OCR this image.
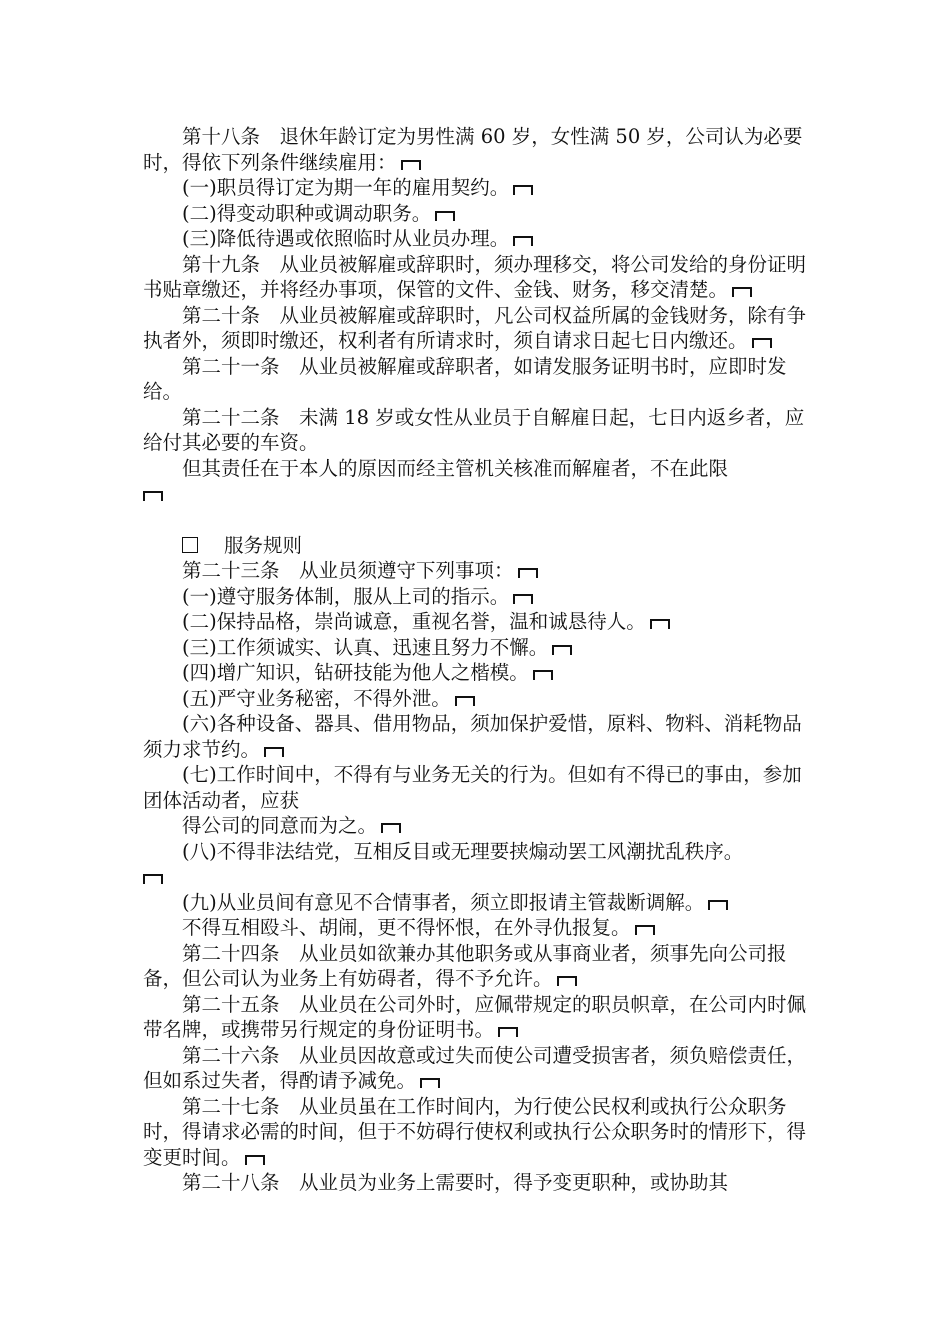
第十八条　退休年龄订定为男性满 60 岁，女性满 50 岁，公司认为必要时，得依下列条件继续雇用：

(一)职员得订定为期一年的雇用契约。

(二)得变动职种或调动职务。

(三)降低待遇或依照临时从业员办理。

第十九条　从业员被解雇或辞职时，须办理移交，将公司发给的身份证明书贴章缴还，并将经办事项，保管的文件、金钱、财务，移交清楚。

第二十条　从业员被解雇或辞职时，凡公司权益所属的金钱财务，除有争执者外，须即时缴还，权利者有所请求时，须自请求日起七日内缴还。

第二十一条　从业员被解雇或辞职者，如请发服务证明书时，应即时发给。

第二十二条　未满 18 岁或女性从业员于自解雇日起，七日内返乡者，应给付其必要的车资。

但其责任在于本人的原因而经主管机关核准而解雇者，不在此限

服务规则

第二十三条　从业员须遵守下列事项：

(一)遵守服务体制，服从上司的指示。

(二)保持品格，崇尚诚意，重视名誉，温和诚恳待人。

(三)工作须诚实、认真、迅速且努力不懈。

(四)增广知识，钻研技能为他人之楷模。

(五)严守业务秘密，不得外泄。

(六)各种设备、器具、借用物品，须加保护爱惜，原料、物料、消耗物品须力求节约。

(七)工作时间中，不得有与业务无关的行为。但如有不得已的事由，参加团体活动者，应获

得公司的同意而为之。

(八)不得非法结党，互相反目或无理要挟煽动罢工风潮扰乱秩序。

(九)从业员间有意见不合情事者，须立即报请主管裁断调解。

不得互相殴斗、胡闹，更不得怀恨，在外寻仇报复。

第二十四条　从业员如欲兼办其他职务或从事商业者，须事先向公司报备，但公司认为业务上有妨碍者，得不予允许。

第二十五条　从业员在公司外时，应佩带规定的职员帜章，在公司内时佩带名牌，或携带另行规定的身份证明书。

第二十六条　从业员因故意或过失而使公司遭受损害者，须负赔偿责任，但如系过失者，得酌请予减免。

第二十七条　从业员虽在工作时间内，为行使公民权利或执行公众职务时，得请求必需的时间，但于不妨碍行使权利或执行公众职务时的情形下，得变更时间。

第二十八条　从业员为业务上需要时，得予变更职种，或协助其
